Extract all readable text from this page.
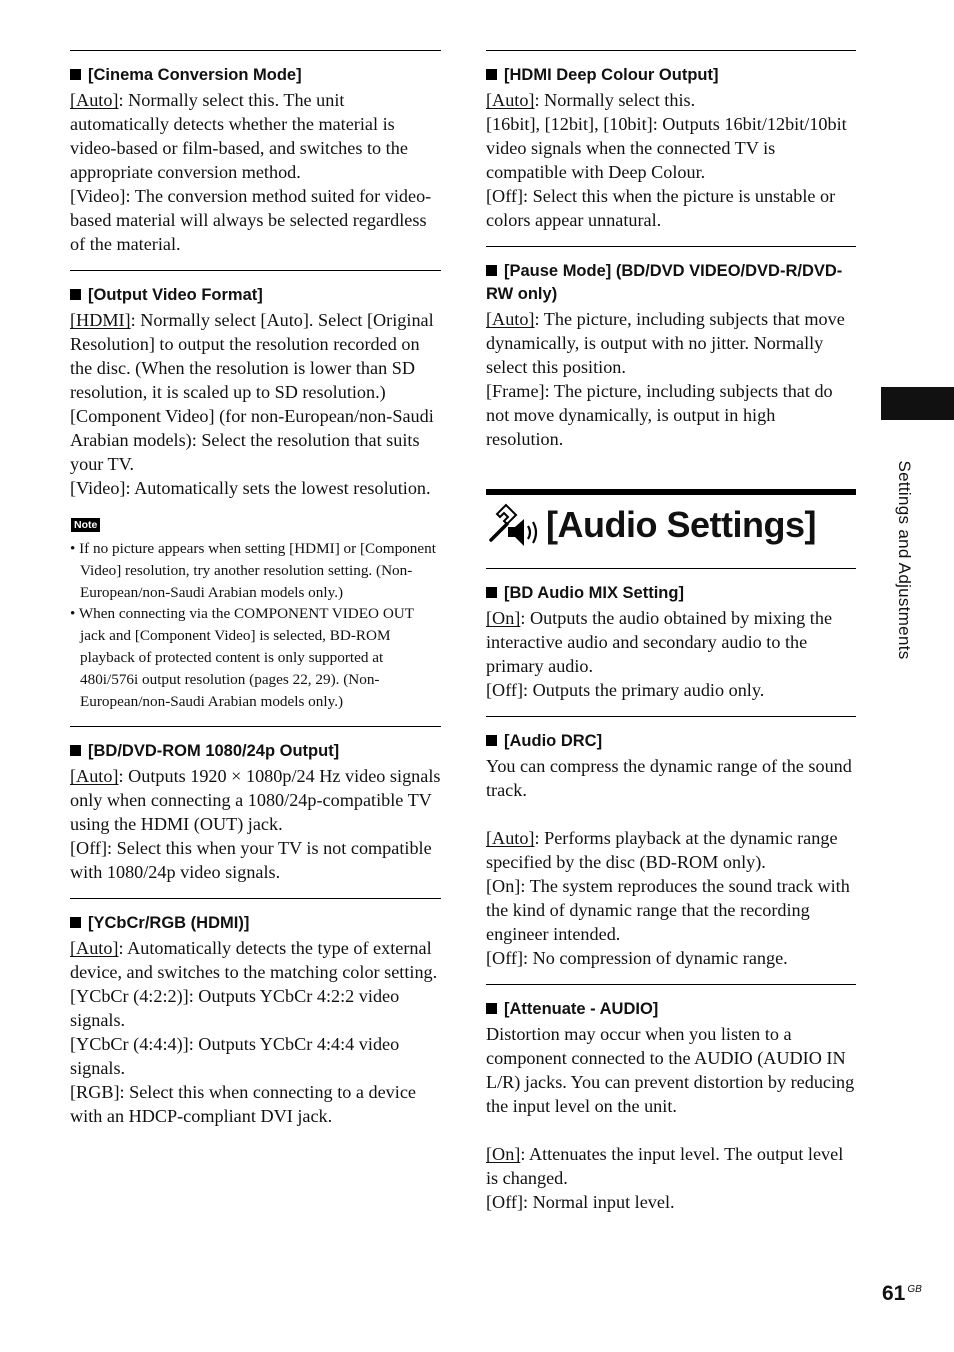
[Cinema Conversion Mode]

[Auto]: Normally select this. The unit automatically detects whether the material is video-based or film-based, and switches to the appropriate conversion method.

[Video]: The conversion method suited for video-based material will always be selected regardless of the material.

[Output Video Format]

[HDMI]: Normally select [Auto]. Select [Original Resolution] to output the resolution recorded on the disc. (When the resolution is lower than SD resolution, it is scaled up to SD resolution.)

[Component Video] (for non-European/non-Saudi Arabian models): Select the resolution that suits your TV.

[Video]: Automatically sets the lowest resolution.

Note
• If no picture appears when setting [HDMI] or [Component Video] resolution, try another resolution setting. (Non-European/non-Saudi Arabian models only.)
• When connecting via the COMPONENT VIDEO OUT jack and [Component Video] is selected, BD-ROM playback of protected content is only supported at 480i/576i output resolution (pages 22, 29). (Non-European/non-Saudi Arabian models only.)
[BD/DVD-ROM 1080/24p Output]

[Auto]: Outputs 1920 × 1080p/24 Hz video signals only when connecting a 1080/24p-compatible TV using the HDMI (OUT) jack.

[Off]: Select this when your TV is not compatible with 1080/24p video signals.

[YCbCr/RGB (HDMI)]

[Auto]: Automatically detects the type of external device, and switches to the matching color setting.

[YCbCr (4:2:2)]: Outputs YCbCr 4:2:2 video signals.

[YCbCr (4:4:4)]: Outputs YCbCr 4:4:4 video signals.

[RGB]: Select this when connecting to a device with an HDCP-compliant DVI jack.

[HDMI Deep Colour Output]

[Auto]: Normally select this.

[16bit], [12bit], [10bit]: Outputs 16bit/12bit/10bit video signals when the connected TV is compatible with Deep Colour.

[Off]: Select this when the picture is unstable or colors appear unnatural.

[Pause Mode] (BD/DVD VIDEO/DVD-R/DVD-RW only)

[Auto]: The picture, including subjects that move dynamically, is output with no jitter. Normally select this position.

[Frame]: The picture, including subjects that do not move dynamically, is output in high resolution.

[Audio Settings]
[BD Audio MIX Setting]

[On]: Outputs the audio obtained by mixing the interactive audio and secondary audio to the primary audio.

[Off]: Outputs the primary audio only.

[Audio DRC]

You can compress the dynamic range of the sound track.

[Auto]: Performs playback at the dynamic range specified by the disc (BD-ROM only).

[On]: The system reproduces the sound track with the kind of dynamic range that the recording engineer intended.

[Off]: No compression of dynamic range.

[Attenuate - AUDIO]

Distortion may occur when you listen to a component connected to the AUDIO (AUDIO IN L/R) jacks. You can prevent distortion by reducing the input level on the unit.

[On]: Attenuates the input level. The output level is changed.

[Off]: Normal input level.

Settings and Adjustments
61 $^{GB}$
